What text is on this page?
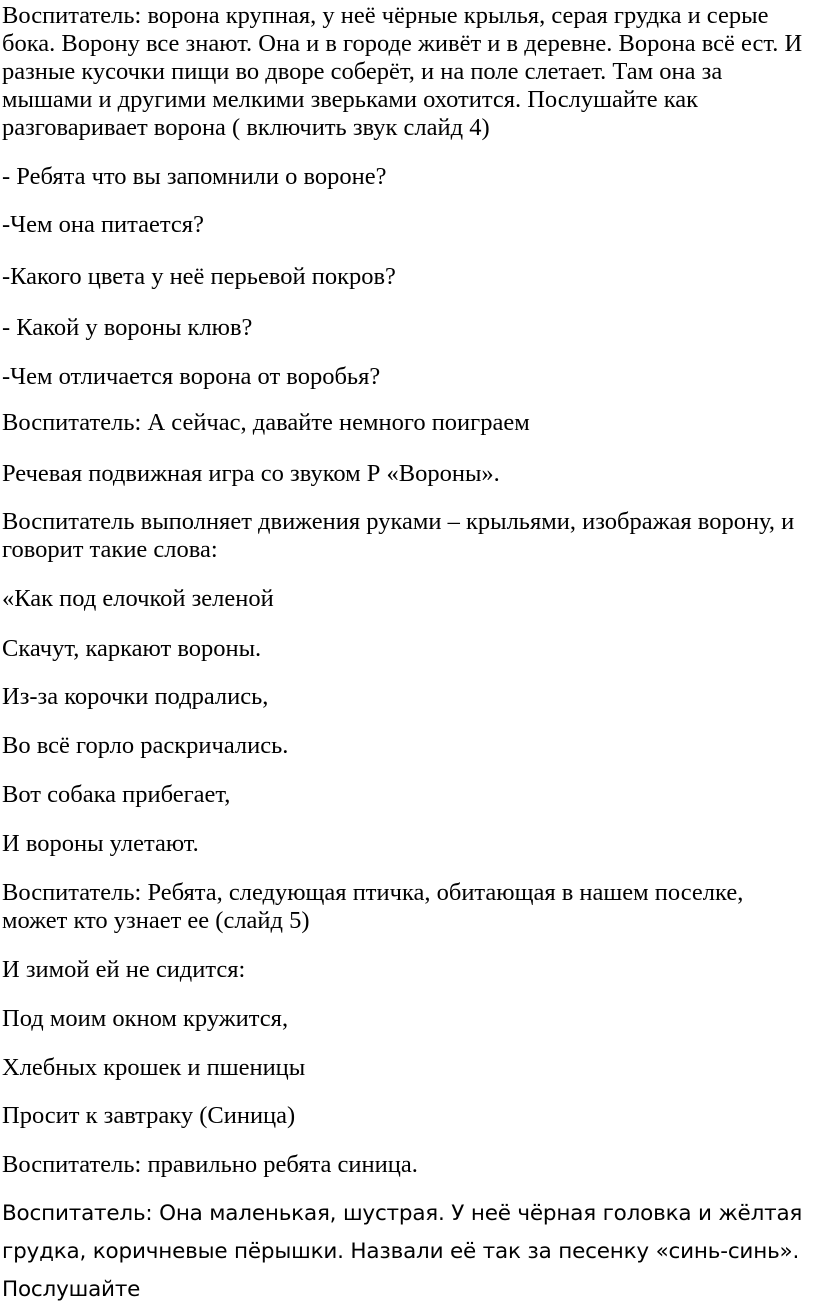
Воспитатель: ворона крупная, у неё чёрные крылья, серая грудка и серые бока. Ворону все знают. Она и в городе живёт и в деревне. Ворона всё ест. И разные кусочки пищи во дворе соберёт, и на поле слетает. Там она за мышами и другими мелкими зверьками охотится. Послушайте как разговаривает ворона ( включить звук слайд 4)

- Ребята что вы запомнили о вороне?

-Чем она питается?

-Какого цвета у неё перьевой покров?

- Какой у вороны клюв?

-Чем отличается ворона от воробья?

Воспитатель: А сейчас, давайте немного поиграем

Речевая подвижная игра со звуком Р «Вороны».

Воспитатель выполняет движения руками – крыльями, изображая ворону, и говорит такие слова:

«Как под елочкой зеленой

Скачут, каркают вороны.

Из-за корочки подрались,

Во всё горло раскричались.

Вот собака прибегает,

И вороны улетают.

Воспитатель: Ребята, следующая птичка, обитающая в нашем поселке, может кто узнает ее (слайд 5)

И зимой ей не сидится:

Под моим окном кружится,

Хлебных крошек и пшеницы

Просит к завтраку (Синица)

Воспитатель: правильно ребята синица.

Воспитатель: Она маленькая, шустрая. У неё чёрная головка и жёлтая грудка, коричневые пёрышки. Назвали её так за песенку «синь-синь». Послушайте
